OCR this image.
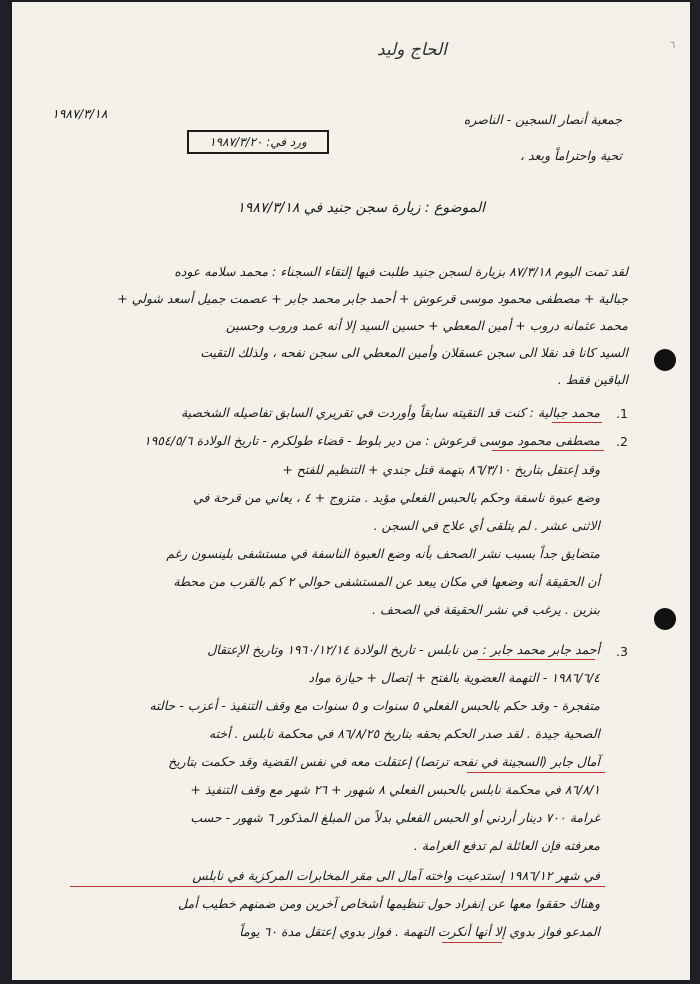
الحاج وليد	٦
١٩٨٧/٣/١٨	جمعية أنصار السجين - الناصره
ورد في: ١٩٨٧/٣/٢٠
تحية واحتراماً وبعد ،
الموضوع : زيارة سجن جنيد في ١٩٨٧/٣/١٨
لقد تمت اليوم ٨٧/٣/١٨ بزيارة لسجن جنيد طلبت فيها إلتقاء السجناء : محمد سلامه عوده
جبالية + مصطفى محمود موسى قرعوش + أحمد جابر محمد جابر + عصمت جميل أسعد شولي +
محمد عثمانه دروب + أمين المعطي + حسين السيد إلا أنه عمد وروب وحسين
السيد كانا قد نقلا الى سجن عسقلان وأمين المعطي الى سجن نفحه ، ولذلك التقيت
الباقين فقط .
.1
محمد جبالية : كنت قد التقيته سابقاً وأوردت في تقريري السابق تفاصيله الشخصية
.2
مصطفى محمود موسى قرعوش : من دير بلوط - قضاء طولكرم - تاريخ الولادة ١٩٥٤/٥/٦
وقد إعتقل بتاريخ ٨٦/٣/١٠ بتهمة قتل جندي + التنظيم للفتح +
وضع عبوة ناسفة وحكم بالحبس الفعلي مؤبد . متزوج + ٤ ، يعاني من قرحة في
الاثنى عشر . لم يتلقى أي علاج في السجن .
متضايق جداً بسبب نشر الصحف بأنه وضع العبوة الناسفة في مستشفى بلينسون رغم
أن الحقيقة أنه وضعها في مكان يبعد عن المستشفى حوالي ٢ كم بالقرب من محطة
بنزين . يرغب في نشر الحقيقة في الصحف .
.3
أحمد جابر محمد جابر : من نابلس - تاريخ الولادة ١٩٦٠/١٢/١٤ وتاريخ الإعتقال
١٩٨٦/٦/٤ - التهمة العضوية بالفتح + إتصال + حيازة مواد
متفجرة - وقد حكم بالحبس الفعلي ٥ سنوات و ٥ سنوات مع وقف التنفيذ - أعزب - حالته
الصحية جيدة . لقد صدر الحكم بحقه بتاريخ ٨٦/٨/٢٥ في محكمة نابلس . أخته
آمال جابر (السجينة في نفحه ترتصا) إعتقلت معه في نفس القضية وقد حكمت بتاريخ
٨٦/٨/١ في محكمة نابلس بالحبس الفعلي ٨ شهور + ٢٦ شهر مع وقف التنفيذ +
غرامة ٧٠٠ دينار أردني أو الحبس الفعلي بدلاً من المبلغ المذكور ٦ شهور - حسب
معرفته فإن العائلة لم تدفع الغرامة .
في شهر ١٩٨٦/١٢ إستدعيت واخته آمال الى مقر المخابرات المركزية في نابلس
وهناك حققوا معها عن إنفراد حول تنظيمها أشخاص آخرين ومن ضمنهم خطيب أمل
المدعو فواز بدوي إلا أنها أنكرت التهمة . فواز بدوي إعتقل مدة ٦٠ يوماً
